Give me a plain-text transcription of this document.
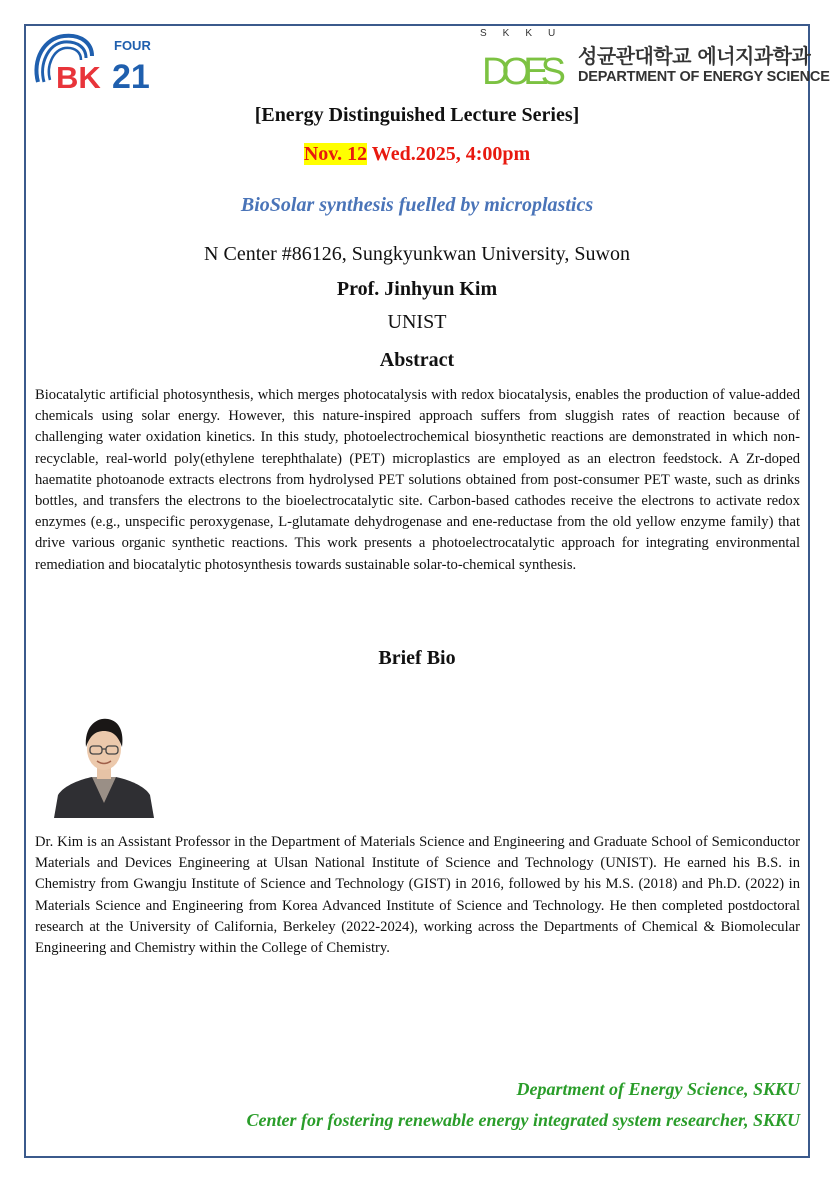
FOUR
BK 21
SKKU
DOES 성균관대학교 에너지과학과
DEPARTMENT OF ENERGY SCIENCE
[Energy Distinguished Lecture Series]
Nov. 12 Wed.2025, 4:00pm
BioSolar synthesis fuelled by microplastics
N Center #86126, Sungkyunkwan University, Suwon
Prof. Jinhyun Kim
UNIST
Abstract
Biocatalytic artificial photosynthesis, which merges photocatalysis with redox biocatalysis, enables the production of value-added chemicals using solar energy. However, this nature-inspired approach suffers from sluggish rates of reaction because of challenging water oxidation kinetics. In this study, photoelectrochemical biosynthetic reactions are demonstrated in which non-recyclable, real-world poly(ethylene terephthalate) (PET) microplastics are employed as an electron feedstock. A Zr-doped haematite photoanode extracts electrons from hydrolysed PET solutions obtained from post-consumer PET waste, such as drinks bottles, and transfers the electrons to the bioelectrocatalytic site. Carbon-based cathodes receive the electrons to activate redox enzymes (e.g., unspecific peroxygenase, L-glutamate dehydrogenase and ene-reductase from the old yellow enzyme family) that drive various organic synthetic reactions. This work presents a photoelectrocatalytic approach for integrating environmental remediation and biocatalytic photosynthesis towards sustainable solar-to-chemical synthesis.
Brief Bio
Dr. Kim is an Assistant Professor in the Department of Materials Science and Engineering and Graduate School of Semiconductor Materials and Devices Engineering at Ulsan National Institute of Science and Technology (UNIST). He earned his B.S. in Chemistry from Gwangju Institute of Science and Technology (GIST) in 2016, followed by his M.S. (2018) and Ph.D. (2022) in Materials Science and Engineering from Korea Advanced Institute of Science and Technology. He then completed postdoctoral research at the University of California, Berkeley (2022-2024), working across the Departments of Chemical & Biomolecular Engineering and Chemistry within the College of Chemistry.
Department of Energy Science, SKKU
Center for fostering renewable energy integrated system researcher, SKKU
